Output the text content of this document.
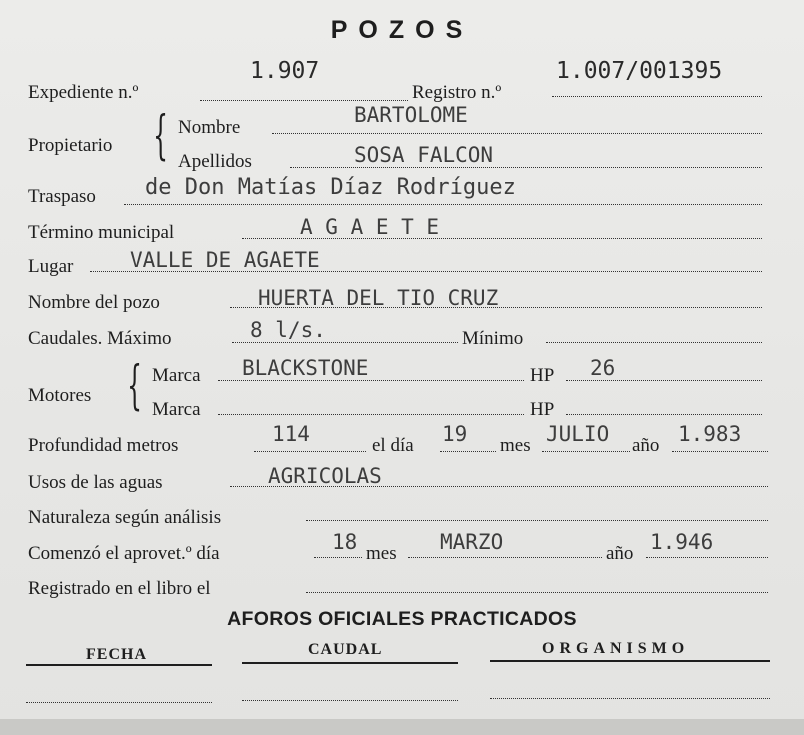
POZOS
Expediente n.º
1.907
Registro n.º
1.007/001395
Propietario { Nombre
BARTOLOME
Apellidos	SOSA FALCON
Traspaso de Don Matías Díaz Rodríguez
Término municipal	A G A E T E
Lugar	VALLE DE AGAETE
Nombre del pozo	HUERTA DEL TIO CRUZ
Caudales. Máximo	8 l/s.	Mínimo
Motores { Marca BLACKSTONE	HP 26
Marca	HP
Profundidad metros	114	el día 19 mes JULIO año 1.983
Usos de las aguas	AGRICOLAS
Naturaleza según análisis
Comenzó el aprovet.º día	18 mes MARZO	año 1.946
Registrado en el libro el
AFOROS OFICIALES PRACTICADOS
FECHA	CAUDAL	ORGANISMO
